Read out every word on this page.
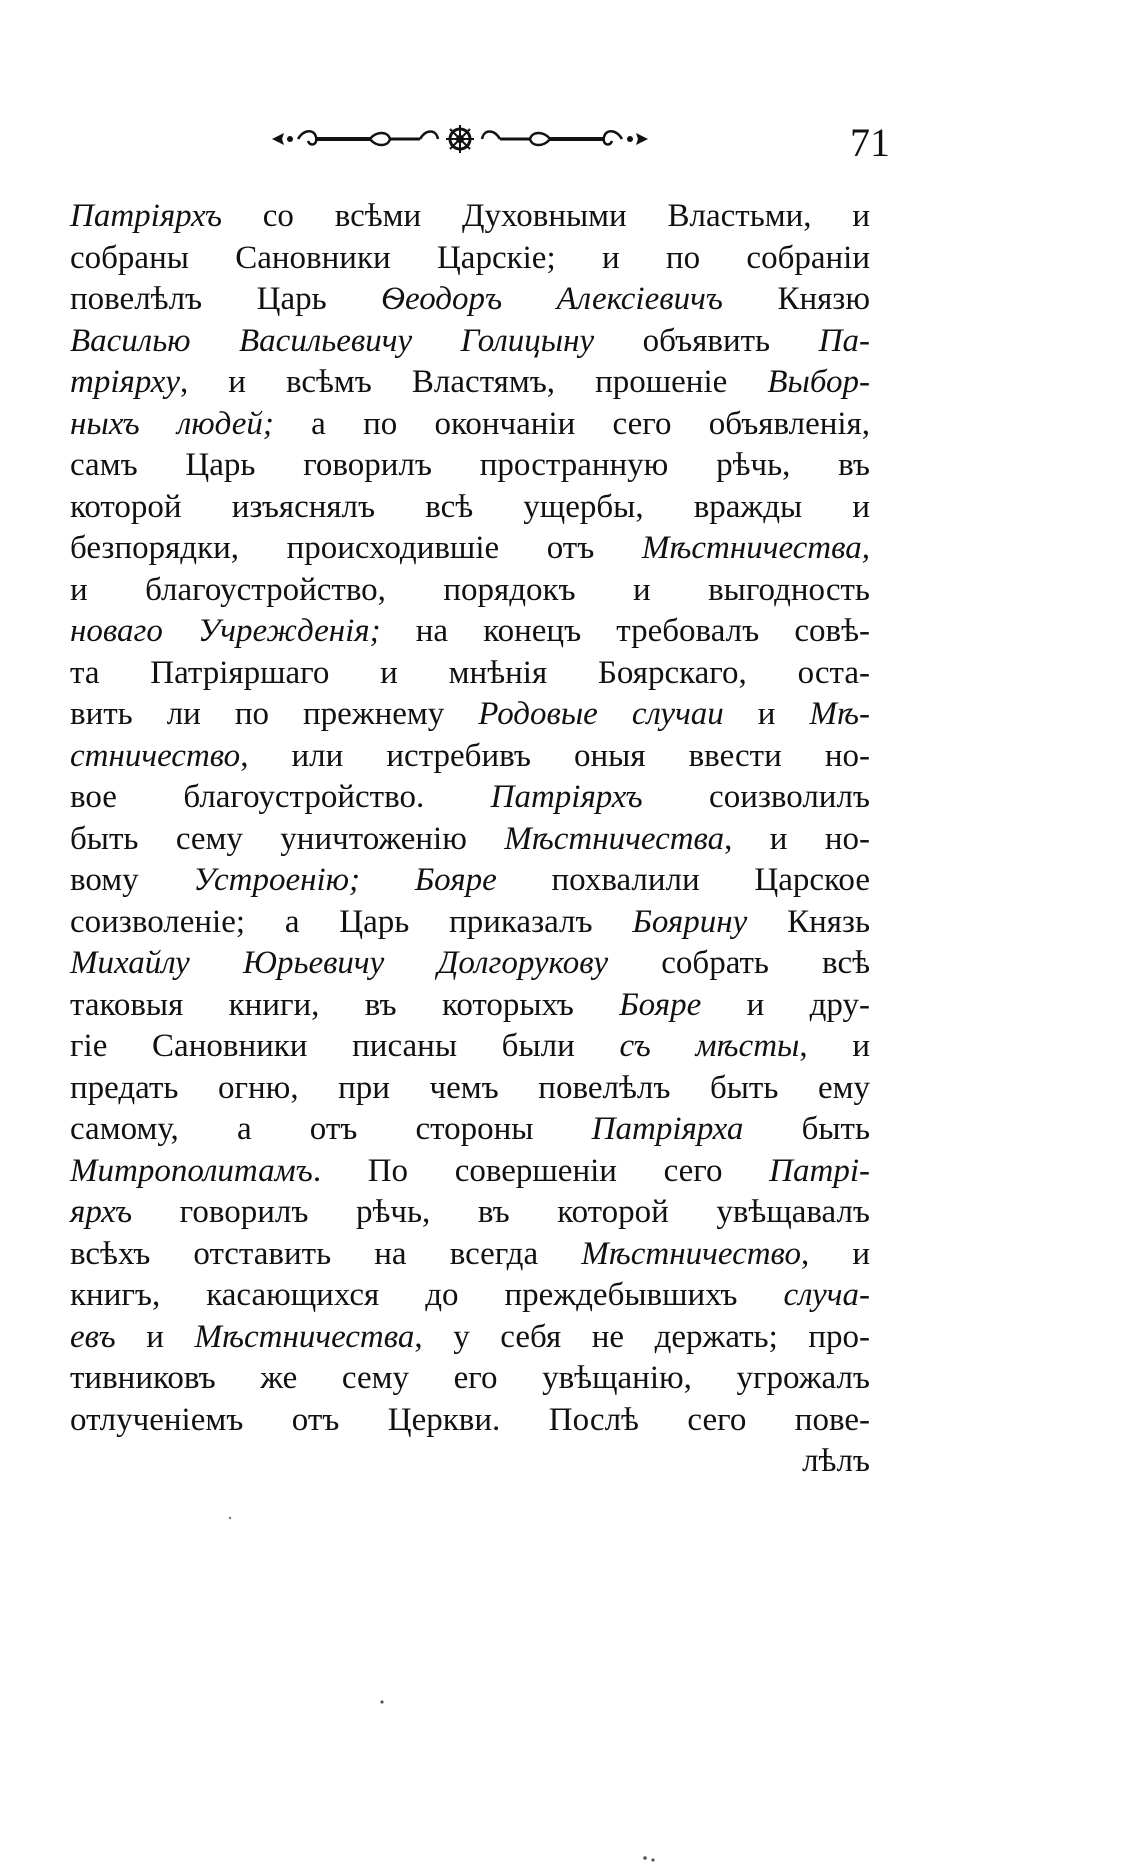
71
Патріярхъ со всѣми Духовными Властьми, и
собраны Сановники Царскіе; и по собраніи
повелѣлъ Царь Ѳеодоръ Алексіевичъ Князю
Василью Васильевичу Голицыну объявить Па-
тріярху, и всѣмъ Властямъ, прошеніе Выбор-
ныхъ людей; а по окончаніи сего объявленія,
самъ Царь говорилъ пространную рѣчь, въ
которой изъяснялъ всѣ ущербы, вражды и
безпорядки, происходившіе отъ Мѣстничества,
и благоустройство, порядокъ и выгодность
новаго Учрежденія; на конецъ требовалъ совѣ-
та Патріяршаго и мнѣнія Боярскаго, оста-
вить ли по прежнему Родовые случаи и Мѣ-
стничество, или истребивъ оныя ввести но-
вое благоустройство. Патріярхъ соизволилъ
быть сему уничтоженію Мѣстничества, и но-
вому Устроенію; Бояре похвалили Царское
соизволеніе; а Царь приказалъ Боярину Князь
Михайлу Юрьевичу Долгорукову собрать всѣ
таковыя книги, въ которыхъ Бояре и дру-
гіе Сановники писаны были съ мѣсты, и
предать огню, при чемъ повелѣлъ быть ему
самому, а отъ стороны Патріярха быть
Митрополитамъ. По совершеніи сего Патрі-
ярхъ говорилъ рѣчь, въ которой увѣщавалъ
всѣхъ отставить на всегда Мѣстничество, и
книгъ, касающихся до преждебывшихъ случа-
евъ и Мѣстничества, у себя не держать; про-
тивниковъ же сему его увѣщанію, угрожалъ
отлученіемъ отъ Церкви. Послѣ сего пове-
лѣлъ
